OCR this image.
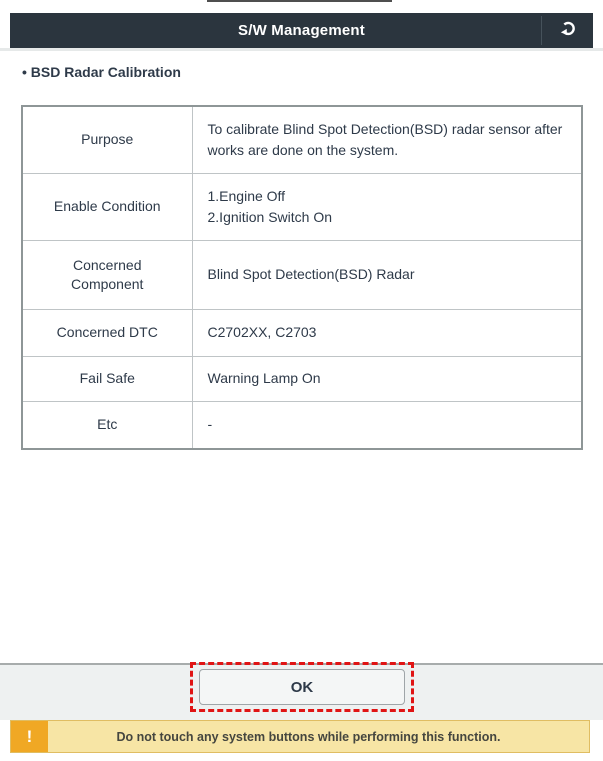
S/W Management
• BSD Radar Calibration
Purpose	To calibrate Blind Spot Detection(BSD) radar sensor after works are done on the system.
Enable Condition	1.Engine Off
2.Ignition Switch On

Concerned Component	Blind Spot Detection(BSD) Radar
Concerned DTC	C2702XX, C2703
Fail Safe	Warning Lamp On
Etc	-
OK
!	Do not touch any system buttons while performing this function.
